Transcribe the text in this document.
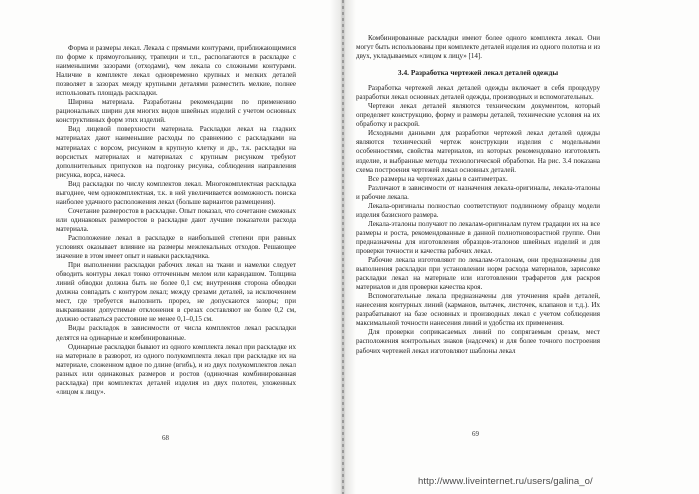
Форма и размеры лекал. Лекала с прямыми контурами, приближающимися по форме к прямоугольнику, трапеции и т.п., располагаются в раскладке с наименьшими зазорами (отходами), чем лекала со сложными контурами. Наличие в комплекте лекал одновременно крупных и мелких деталей позволяет в зазорах между крупными деталями разместить мелкие, полнее использовать площадь раскладки.

Ширина материала. Разработаны рекомендации по применению рациональных ширин для многих видов швейных изделий с учетом основных конструктивных форм этих изделий.

Вид лицевой поверхности материала. Раскладки лекал на гладких материалах дают наименьшие расходы по сравнению с раскладками на материалах с ворсом, рисунком в крупную клетку и др., т.к. раскладки на ворсистых материалах и материалах с крупным рисунком требуют дополнительных припусков на подгонку рисунка, соблюдения направления рисунка, ворса, начеса.

Вид раскладки по числу комплектов лекал. Многокомплектная раскладка выгоднее, чем однокомплектная, т.к. в ней увеличивается возможность поиска наиболее удачного расположения лекал (больше вариантов размещения).

Сочетание размеростов в раскладке. Опыт показал, что сочетание смежных или одинаковых размеростов в раскладке дают лучшие показатели расхода материала.

Расположение лекал в раскладке в наибольшей степени при равных условиях оказывает влияние на размеры межлекальных отходов. Решающее значение в этом имеет опыт и навыки раскладчика.

При выполнении раскладки рабочих лекал на ткани и намелки следует обводить контуры лекал тонко отточенным мелом или карандашом. Толщина линий обводки должна быть не более 0,1 см; внутренняя сторона обводки должна совпадать с контуром лекал; между срезами деталей, за исключением мест, где требуется выполнить прорез, не допускаются зазоры; при выкраивании допустимые отклонения в срезах составляют не более 0,2 см, должно оставаться расстояние не менее 0,1–0,15 см.

Виды раскладок в зависимости от числа комплектов лекал раскладки делятся на одинарные и комбинированные.

Одинарные раскладки бывают из одного комплекта лекал при раскладке их на материале в разворот, из одного полукомплекта лекал при раскладке их на материале, сложенном вдвое по длине (вгибь), и из двух полукомплектов лекал разных или одинаковых размеров и ростов (одиночная комбинированная раскладка) при комплектах деталей изделия из двух полотен, уложенных «лицом к лицу».

68

Комбинированные раскладки имеют более одного комплекта лекал. Они могут быть использованы при комплекте деталей изделия из одного полотна и из двух, укладываемых «лицом к лицу» [14].

3.4. Разработка чертежей лекал деталей одежды

Разработка чертежей лекал деталей одежды включает в себя процедуру разработки лекал основных деталей одежды, производных и вспомогательных.

Чертежи лекал деталей являются техническим документом, который определяет конструкцию, форму и размеры деталей, технические условия на их обработку и раскрой.

Исходными данными для разработки чертежей лекал деталей одежды являются технический чертеж конструкции изделия с модельными особенностями, свойства материалов, из которых рекомендовано изготовлять изделие, и выбранные методы технологической обработки. На рис. 3.4 показана схема построения чертежей лекал основных деталей.

Все размеры на чертежах даны в сантиметрах.

Различают в зависимости от назначения лекала-оригиналы, лекала-эталоны и рабочие лекала.

Лекала-оригиналы полностью соответствуют подлинному образцу модели изделия базисного размера.

Лекала-эталоны получают по лекалам-оригиналам путем градации их на все размеры и роста, рекомендованные в данной полнотновозрастной группе. Они предназначены для изготовления образцов-эталонов швейных изделий и для проверки точности и качества рабочих лекал.

Рабочие лекала изготовляют по лекалам-эталонам, они предназначены для выполнения раскладки при установлении норм расхода материалов, зарисовке раскладки лекал на материале или изготовлении трафаретов для раскроя материалов и для проверки качества кроя.

Вспомогательные лекала предназначены для уточнения краёв деталей, нанесения контурных линий (карманов, вытачек, листочек, клапанов и т.д.). Их разрабатывают на базе основных и производных лекал с учетом соблюдения максимальной точности нанесения линий и удобства их применения.

Для проверки соприкасаемых линий по сопрягаемым срезам, мест расположения контрольных знаков (надсечек) и для более точного построения рабочих чертежей лекал изготовляют шаблоны лекал

69
http://www.liveinternet.ru/users/galina_o/
